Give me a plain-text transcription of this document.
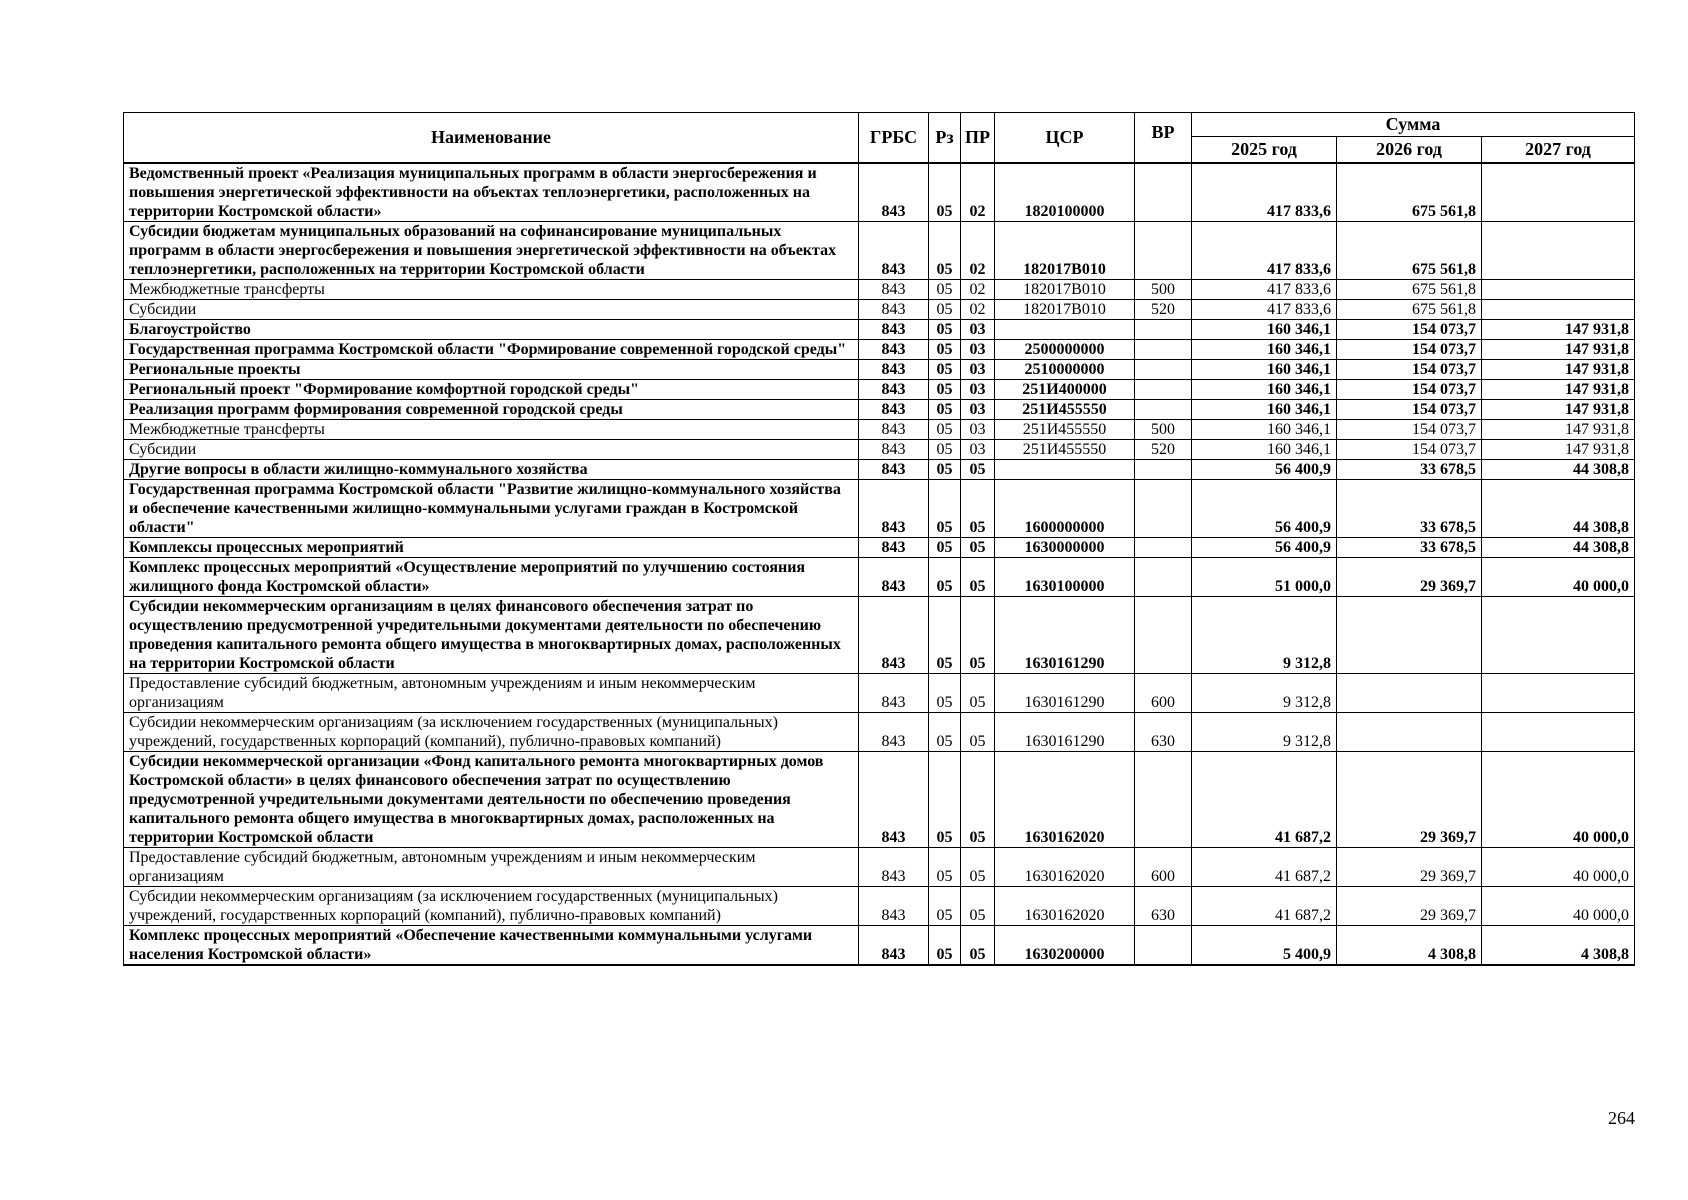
Наименование	ГРБС	Рз	ПР	ЦСР	ВР	Сумма		
						2025 год	2026 год	2027 год
Ведомственный проект «Реализация муниципальных программ в области энергосбережения и повышения энергетической эффективности на объектах теплоэнергетики, расположенных на территории Костромской области»	843	05	02	1820100000		417 833,6	675 561,8	
Субсидии бюджетам муниципальных образований на софинансирование муниципальных программ в области энергосбережения и повышения энергетической эффективности на объектах теплоэнергетики, расположенных на территории Костромской области	843	05	02	182017В010		417 833,6	675 561,8	
Межбюджетные трансферты	843	05	02	182017В010	500	417 833,6	675 561,8	
Субсидии	843	05	02	182017В010	520	417 833,6	675 561,8	
Благоустройство	843	05	03			160 346,1	154 073,7	147 931,8
Государственная программа Костромской области "Формирование современной городской среды"	843	05	03	2500000000		160 346,1	154 073,7	147 931,8
Региональные проекты	843	05	03	2510000000		160 346,1	154 073,7	147 931,8
Региональный проект "Формирование комфортной городской среды"	843	05	03	251И400000		160 346,1	154 073,7	147 931,8
Реализация программ формирования современной городской среды	843	05	03	251И455550		160 346,1	154 073,7	147 931,8
Межбюджетные трансферты	843	05	03	251И455550	500	160 346,1	154 073,7	147 931,8
Субсидии	843	05	03	251И455550	520	160 346,1	154 073,7	147 931,8
Другие вопросы в области жилищно-коммунального хозяйства	843	05	05			56 400,9	33 678,5	44 308,8
Государственная программа Костромской области "Развитие жилищно-коммунального хозяйства и обеспечение качественными жилищно-коммунальными услугами граждан в Костромской области"	843	05	05	1600000000		56 400,9	33 678,5	44 308,8
Комплексы процессных мероприятий	843	05	05	1630000000		56 400,9	33 678,5	44 308,8
Комплекс процессных мероприятий «Осуществление мероприятий по улучшению состояния жилищного фонда Костромской области»	843	05	05	1630100000		51 000,0	29 369,7	40 000,0
Субсидии некоммерческим организациям в целях финансового обеспечения затрат по осуществлению предусмотренной учредительными документами деятельности по обеспечению проведения капитального ремонта общего имущества в многоквартирных домах, расположенных на территории Костромской области	843	05	05	1630161290		9 312,8		
Предоставление субсидий бюджетным, автономным учреждениям и иным некоммерческим организациям	843	05	05	1630161290	600	9 312,8		
Субсидии некоммерческим организациям (за исключением государственных (муниципальных) учреждений, государственных корпораций (компаний), публично-правовых компаний)	843	05	05	1630161290	630	9 312,8		
Субсидии некоммерческой организации «Фонд капитального ремонта многоквартирных домов Костромской области» в целях финансового обеспечения затрат по осуществлению предусмотренной учредительными документами деятельности по обеспечению проведения капитального ремонта общего имущества в многоквартирных домах, расположенных на территории Костромской области	843	05	05	1630162020		41 687,2	29 369,7	40 000,0
Предоставление субсидий бюджетным, автономным учреждениям и иным некоммерческим организациям	843	05	05	1630162020	600	41 687,2	29 369,7	40 000,0
Субсидии некоммерческим организациям (за исключением государственных (муниципальных) учреждений, государственных корпораций (компаний), публично-правовых компаний)	843	05	05	1630162020	630	41 687,2	29 369,7	40 000,0
Комплекс процессных мероприятий «Обеспечение качественными коммунальными услугами населения Костромской области»	843	05	05	1630200000		5 400,9	4 308,8	4 308,8
264
